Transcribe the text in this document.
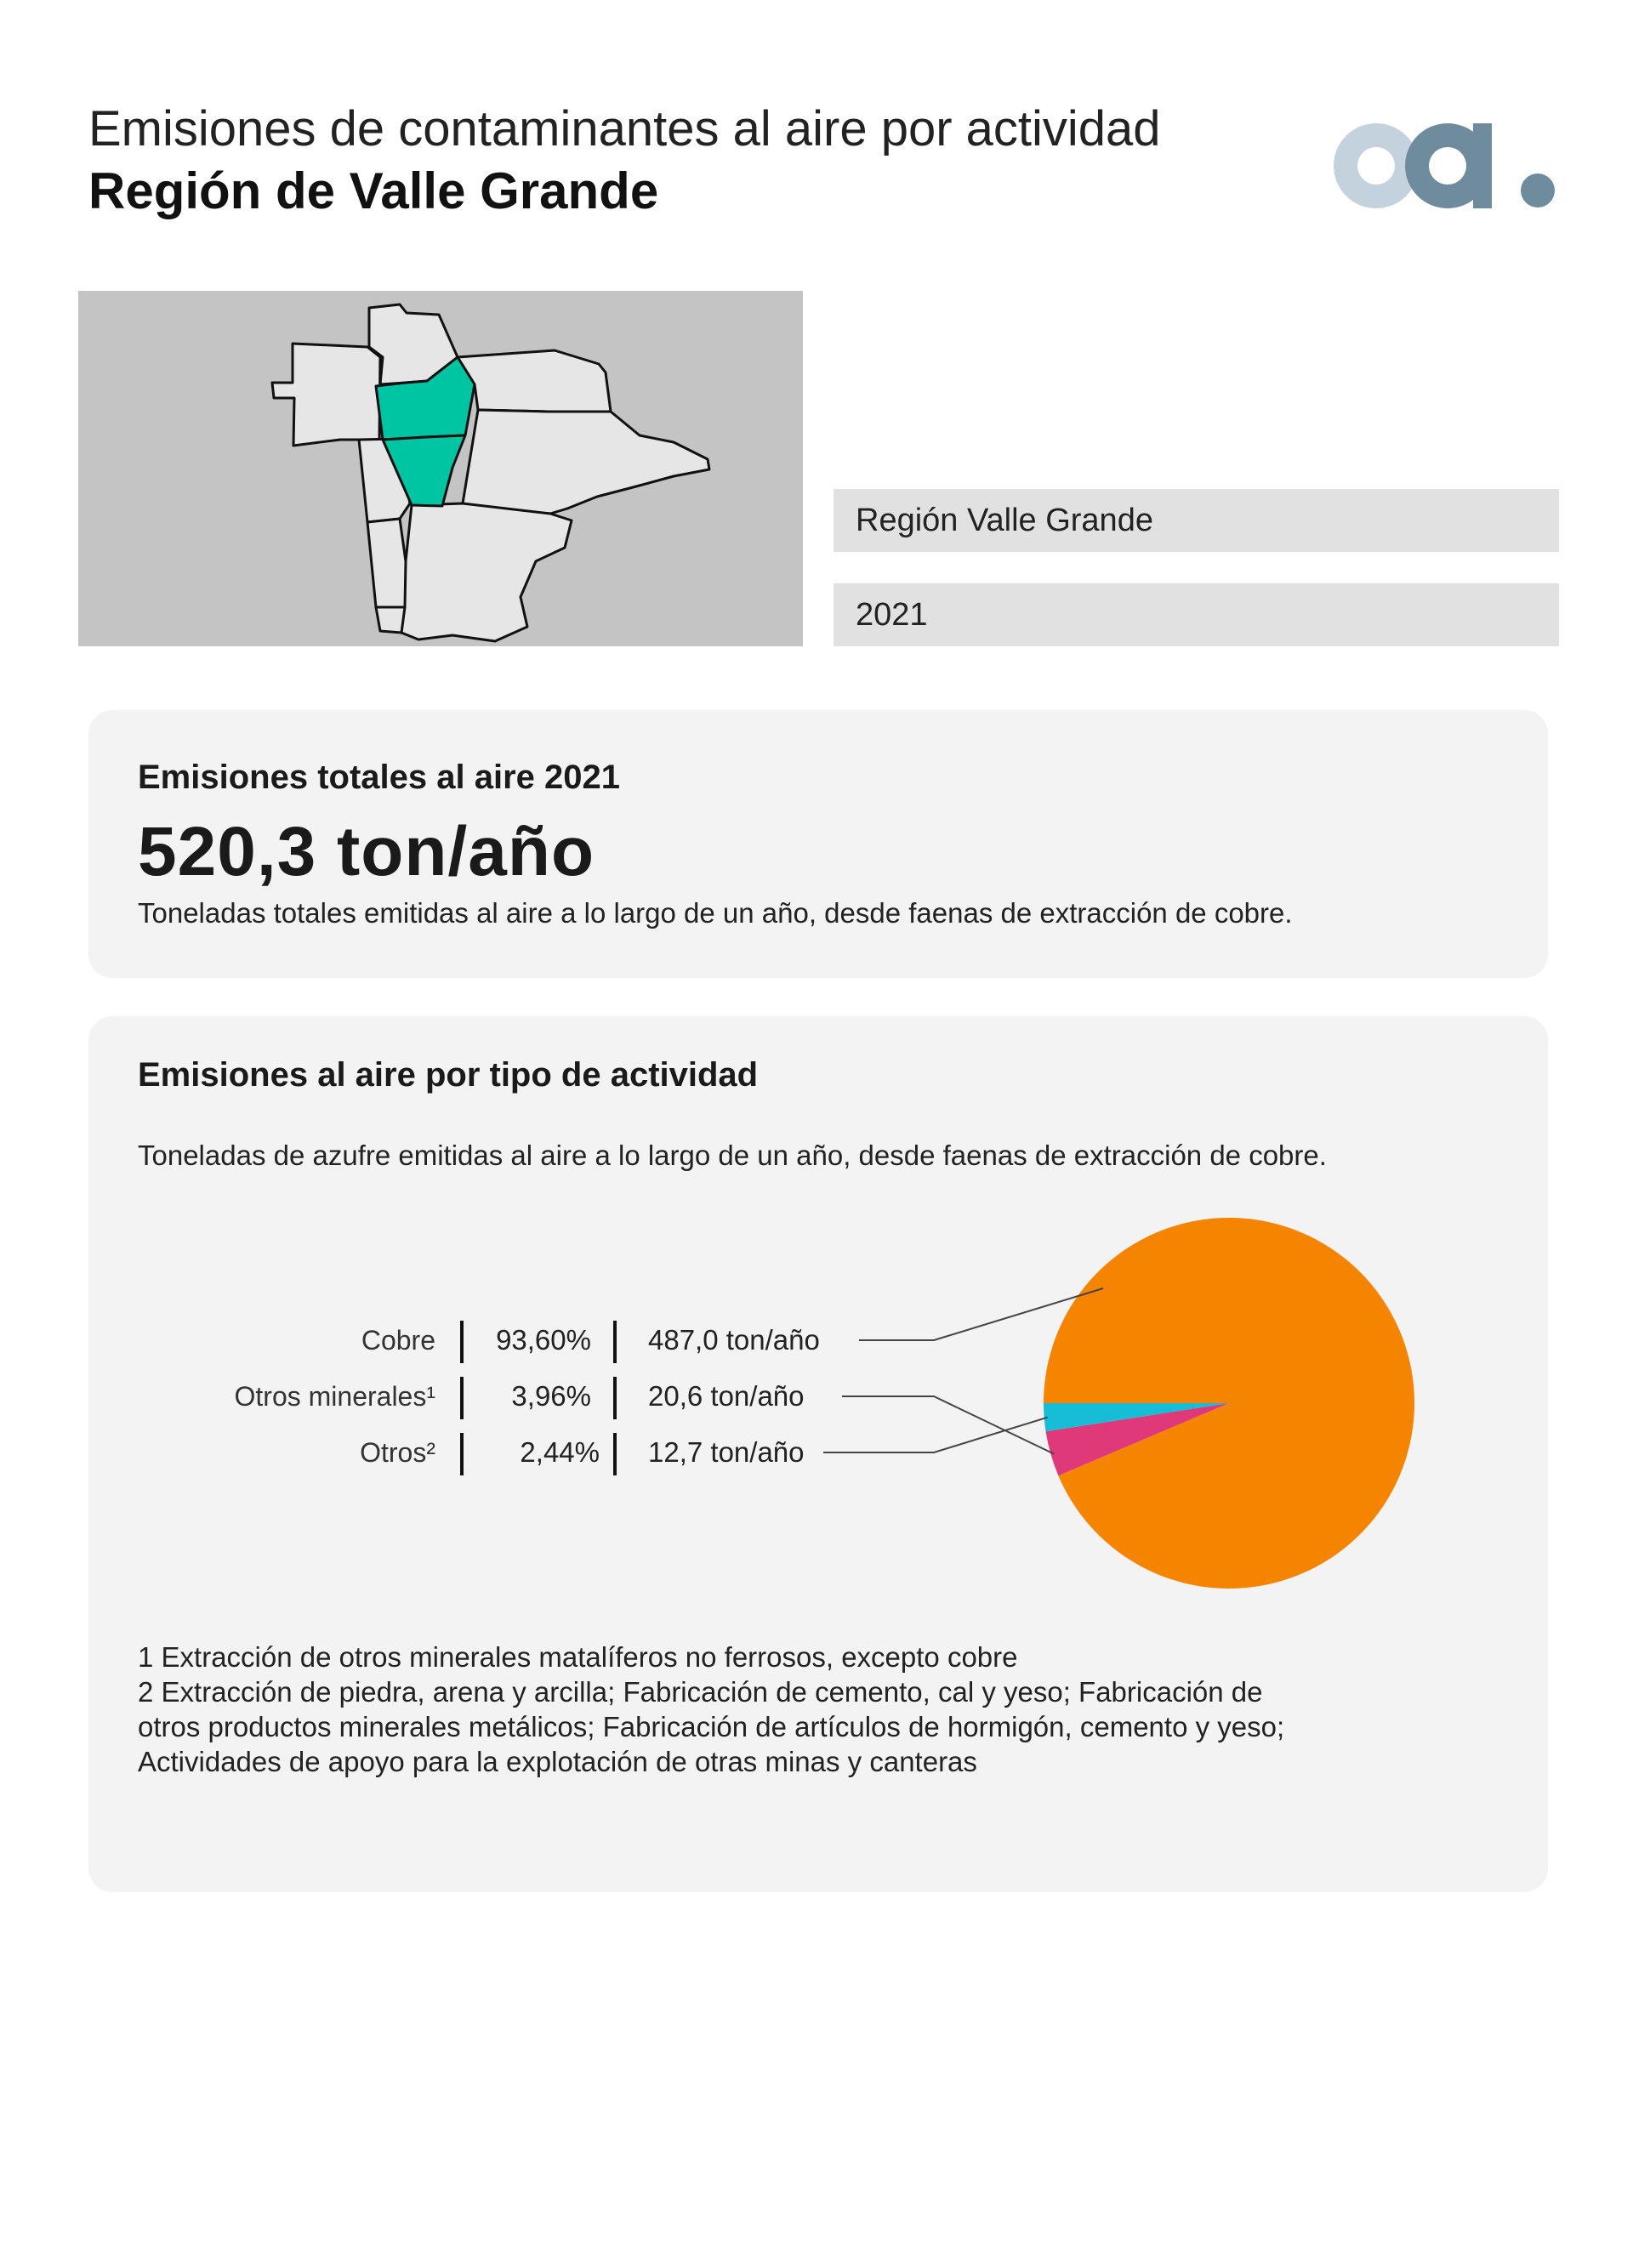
Emisiones de contaminantes al aire por actividad
Región de Valle Grande
Región Valle Grande
2021
Emisiones totales al aire 2021
520,3 ton/año
Toneladas totales emitidas al aire a lo largo de un año, desde faenas de extracción de cobre.
Emisiones al aire por tipo de actividad
Toneladas de azufre emitidas al aire a lo largo de un año, desde faenas de extracción de cobre.
Cobre	93,60% 487,0 ton/año
Otros minerales¹	3,96% 20,6 ton/año
Otros²	2,44% 12,7 ton/año
1 Extracción de otros minerales matalíferos no ferrosos, excepto cobre
2 Extracción de piedra, arena y arcilla; Fabricación de cemento, cal y yeso; Fabricación de
otros productos minerales metálicos; Fabricación de artículos de hormigón, cemento y yeso;
Actividades de apoyo para la explotación de otras minas y canteras
